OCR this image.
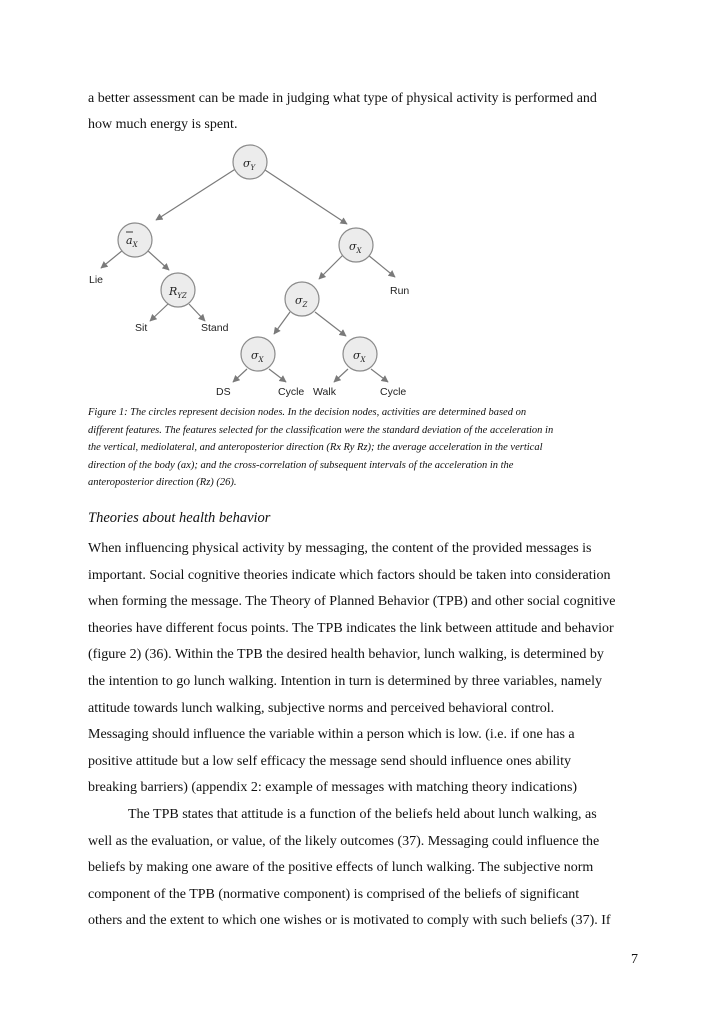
a better assessment can be made in judging what type of physical activity is performed and

how much energy is spent.

$\sigma_Y$
$a_X$	$\sigma_X$
$R_{YZ}$	$\sigma_Z$
$\sigma_X$	$\sigma_X$
Lie
Run
Sit	Stand
DS	Cycle Walk	Cycle
Figure 1: The circles represent decision nodes. In the decision nodes, activities are determined based on
different features. The features selected for the classification were the standard deviation of the acceleration in
the vertical, mediolateral, and anteroposterior direction (Rx Ry Rz); the average acceleration in the vertical
direction of the body (ax); and the cross-correlation of subsequent intervals of the acceleration in the
anteroposterior direction (Rz) (26).
Theories about health behavior

When influencing physical activity by messaging, the content of the provided messages is

important. Social cognitive theories indicate which factors should be taken into consideration

when forming the message. The Theory of Planned Behavior (TPB) and other social cognitive

theories have different focus points. The TPB indicates the link between attitude and behavior

(figure 2) (36). Within the TPB the desired health behavior, lunch walking, is determined by

the intention to go lunch walking. Intention in turn is determined by three variables, namely

attitude towards lunch walking, subjective norms and perceived behavioral control.

Messaging should influence the variable within a person which is low. (i.e. if one has a

positive attitude but a low self efficacy the message send should influence ones ability

breaking barriers) (appendix 2: example of messages with matching theory indications)

The TPB states that attitude is a function of the beliefs held about lunch walking, as

well as the evaluation, or value, of the likely outcomes (37). Messaging could influence the

beliefs by making one aware of the positive effects of lunch walking. The subjective norm

component of the TPB (normative component) is comprised of the beliefs of significant

others and the extent to which one wishes or is motivated to comply with such beliefs (37). If

7
